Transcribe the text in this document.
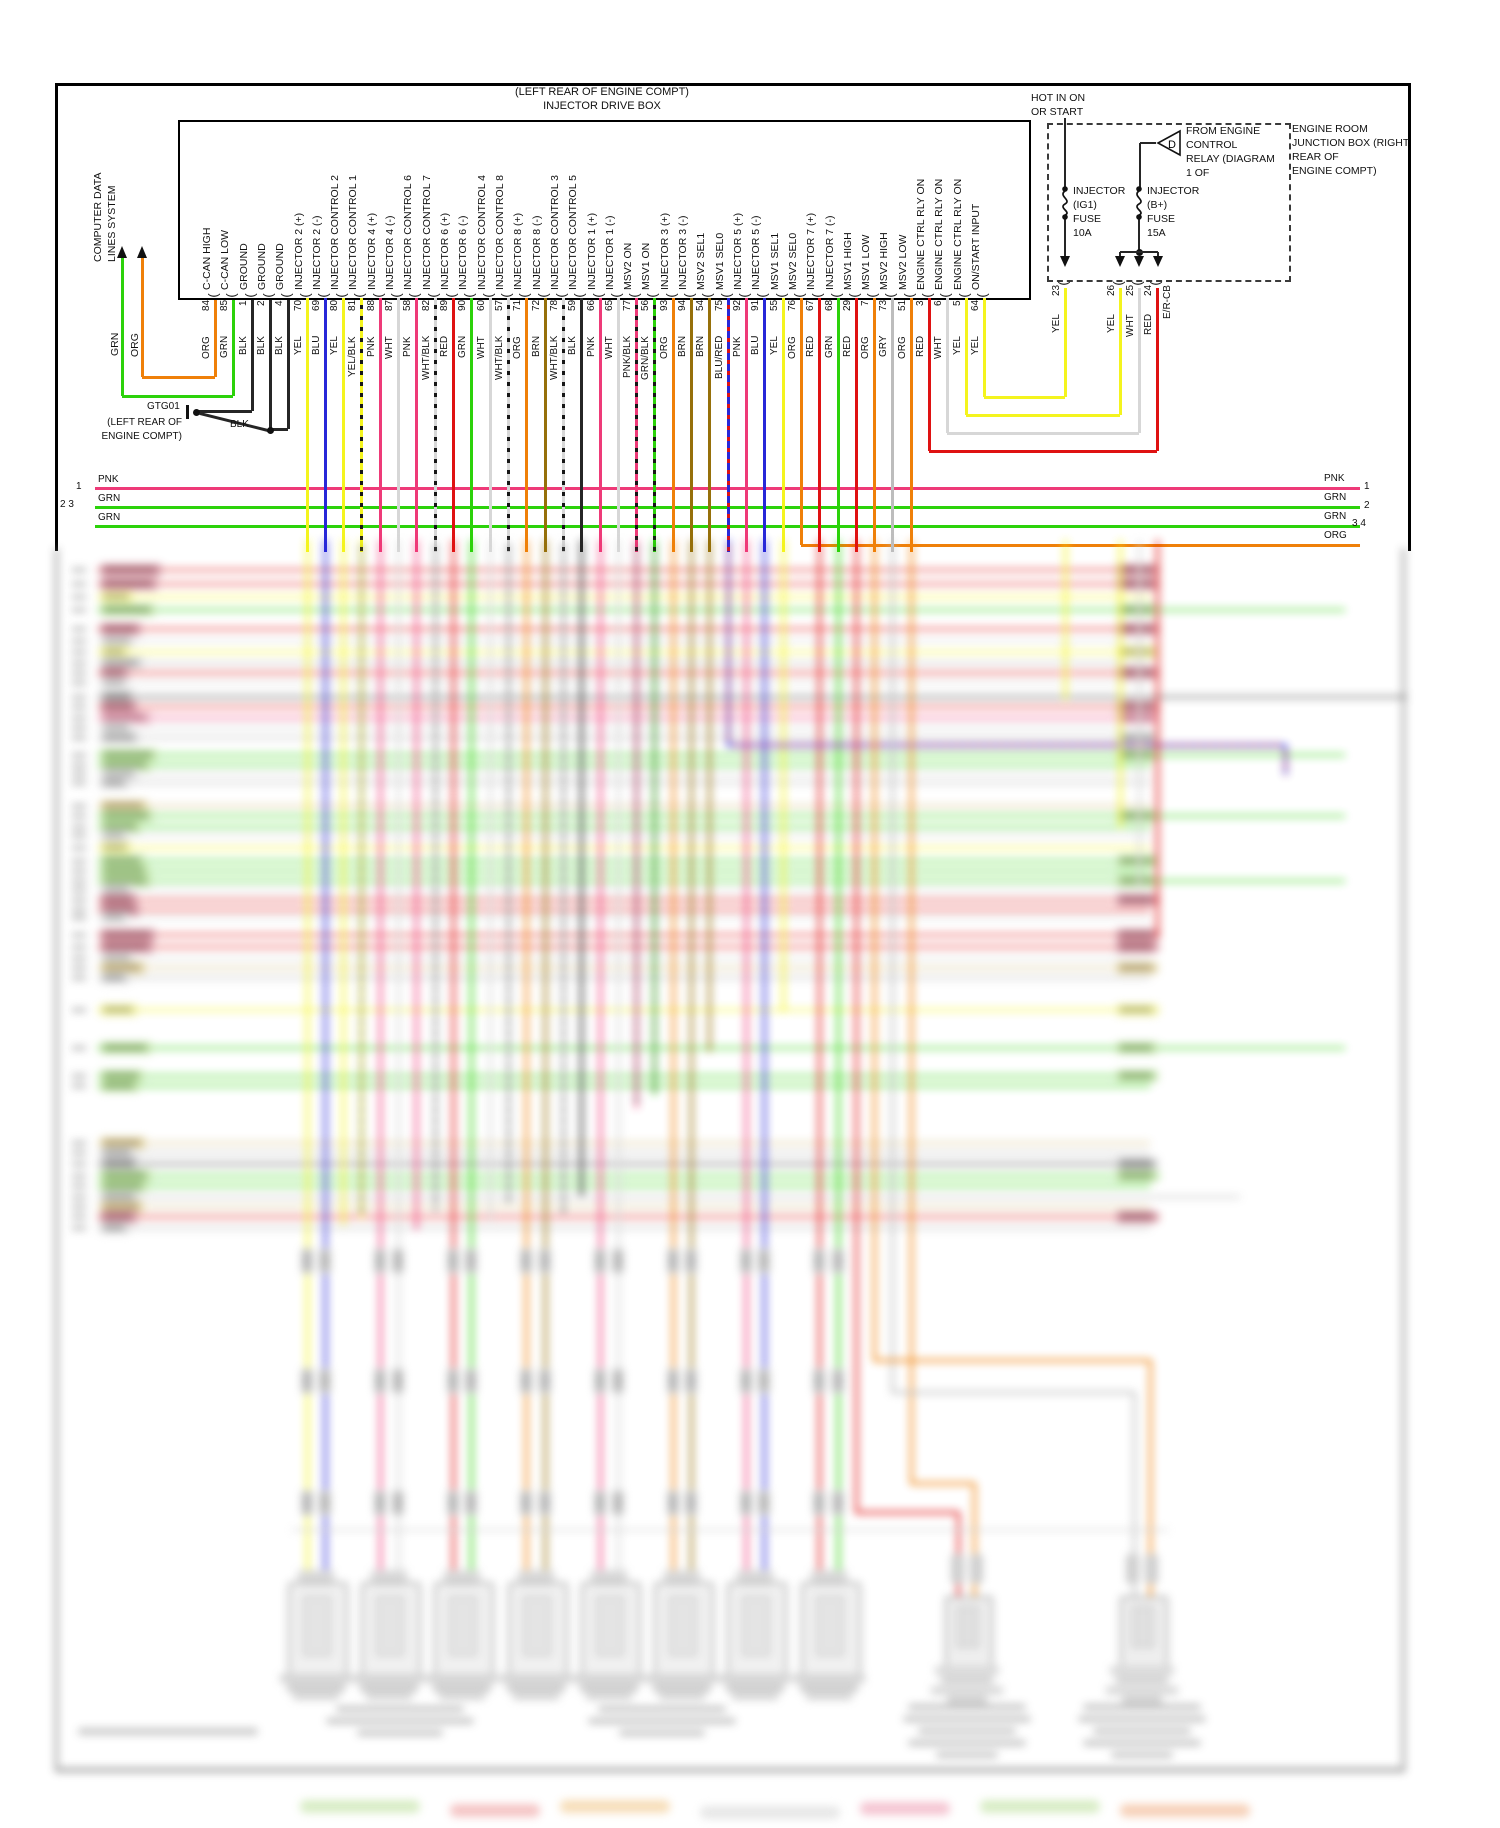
(LEFT REAR OF ENGINE COMPT)
INJECTOR DRIVE BOX
PNK
1
GRN
2 3
GRN
PNK
1
GRN
2
GRN
3 4
ORG
COMPUTER DATA LINES SYSTEM
GRN ORG
GTG01
(LEFT REAR OF
ENGINE COMPT)
BLK
(
84
ORG
C-CAN HIGH
(
85
GRN
C-CAN LOW
(
1
BLK
GROUND
(
2
BLK
GROUND
(
4
BLK
GROUND
(
70
YEL
INJECTOR 2 (+)
(
69
BLU
INJECTOR 2 (-)
(
80
YEL
INJECTOR CONTROL 2
(
81
YEL/BLK
INJECTOR CONTROL 1
(
88
PNK
INJECTOR 4 (+)
(
87
WHT
INJECTOR 4 (-)
(
58
PNK
INJECTOR CONTROL 6
(
82
WHT/BLK
INJECTOR CONTROL 7
(
89
RED
INJECTOR 6 (+)
(
90
GRN
INJECTOR 6 (-)
(
60
WHT
INJECTOR CONTROL 4
(
57
WHT/BLK
INJECTOR CONTROL 8
(
71
ORG
INJECTOR 8 (+)
(
72
BRN
INJECTOR 8 (-)
(
78
WHT/BLK
INJECTOR CONTROL 3
(
59
BLK
INJECTOR CONTROL 5
(
66
PNK
INJECTOR 1 (+)
(
65
WHT
INJECTOR 1 (-)
(
77
PNK/BLK
MSV2 ON
(
56
GRN/BLK
MSV1 ON
(
93
ORG
INJECTOR 3 (+)
(
94
BRN
INJECTOR 3 (-)
(
54
BRN
MSV2 SEL1
(
75
BLU/RED
MSV1 SEL0
(
92
PNK
INJECTOR 5 (+)
(
91
BLU
INJECTOR 5 (-)
(
55
YEL
MSV1 SEL1
(
76
ORG
MSV2 SEL0
(
67
RED
INJECTOR 7 (+)
(
68
GRN
INJECTOR 7 (-)
(
29
RED
MSV1 HIGH
(
7
ORG
MSV1 LOW
(
73
GRY
MSV2 HIGH
(
51
ORG
MSV2 LOW
(
3
RED
ENGINE CTRL RLY ON
(
6
WHT
ENGINE CTRL RLY ON
(
5
YEL
ENGINE CTRL RLY ON
(
64
YEL
ON/START INPUT
HOT IN ON
OR START
ENGINE ROOM
JUNCTION BOX (RIGHT
REAR OF
ENGINE COMPT)
FROM ENGINE
CONTROL
RELAY (DIAGRAM
1 OF
D
INJECTOR
(IG1)
FUSE
10A
INJECTOR
(B+)
FUSE
15A
(
23
YEL
(
26
YEL
(
25
WHT
(
24
RED
E/R-CB
